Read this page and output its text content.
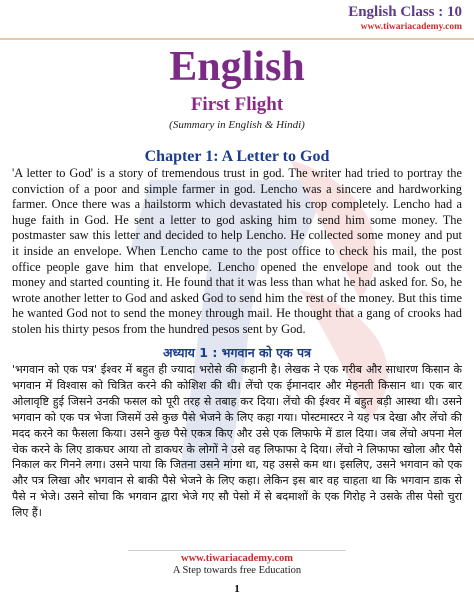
English Class : 10
www.tiwariacademy.com
English
First Flight
(Summary in English & Hindi)
Chapter 1: A Letter to God

'A letter to God' is a story of tremendous trust in god. The writer had tried to portray the conviction of a poor and simple farmer in god. Lencho was a sincere and hardworking farmer. Once there was a hailstorm which devastated his crop completely. Lencho had a huge faith in God. He sent a letter to god asking him to send him some money. The postmaster saw this letter and decided to help Lencho. He collected some money and put it inside an envelope. When Lencho came to the post office to check his mail, the post office people gave him that envelope. Lencho opened the envelope and took out the money and started counting it. He found that it was less than what he had asked for. So, he wrote another letter to God and asked God to send him the rest of the money. But this time he wanted God not to send the money through mail. He thought that a gang of crooks had stolen his thirty pesos from the hundred pesos sent by God.

अध्याय 1 : भगवान को एक पत्र

'भगवान को एक पत्र' ईश्वर में बहुत ही ज्यादा भरोसे की कहानी है। लेखक ने एक गरीब और साधारण किसान के भगवान में विश्वास को चित्रित करने की कोशिश की थी। लेंचो एक ईमानदार और मेहनती किसान था। एक बार ओलावृष्टि हुई जिसने उनकी फसल को पूरी तरह से तबाह कर दिया। लेंचो की ईश्वर में बहुत बड़ी आस्था थी। उसने भगवान को एक पत्र भेजा जिसमें उसे कुछ पैसे भेजने के लिए कहा गया। पोस्टमास्टर ने यह पत्र देखा और लेंचो की मदद करने का फैसला किया। उसने कुछ पैसे एकत्र किए और उसे एक लिफाफे में डाल दिया। जब लेंचो अपना मेल चेक करने के लिए डाकघर आया तो डाकघर के लोगों ने उसे वह लिफाफा दे दिया। लेंचो ने लिफाफा खोला और पैसे निकाल कर गिनने लगा। उसने पाया कि जितना उसने मांगा था, यह उससे कम था। इसलिए, उसने भगवान को एक और पत्र लिखा और भगवान से बाकी पैसे भेजने के लिए कहा। लेकिन इस बार वह चाहता था कि भगवान डाक से पैसे न भेजे। उसने सोचा कि भगवान द्वारा भेजे गए सौ पेसो में से बदमाशों के एक गिरोह ने उसके तीस पेसो चुरा लिए हैं।

www.tiwariacademy.com
A Step towards free Education
1
